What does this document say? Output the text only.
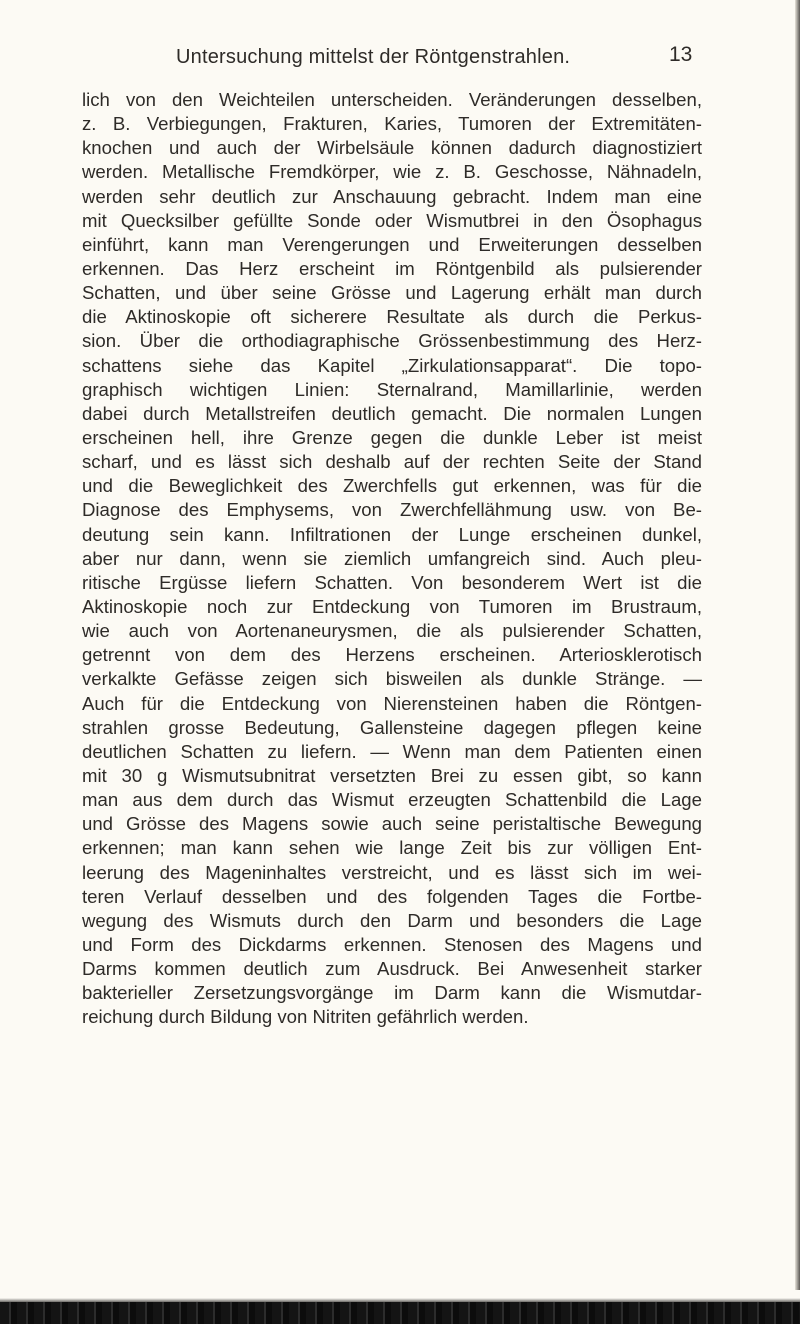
Untersuchung mittelst der Röntgenstrahlen.	13
lich von den Weichteilen unterscheiden. Veränderungen desselben,
z. B. Verbiegungen, Frakturen, Karies, Tumoren der Extremitäten-
knochen und auch der Wirbelsäule können dadurch diagnostiziert
werden. Metallische Fremdkörper, wie z. B. Geschosse, Nähnadeln,
werden sehr deutlich zur Anschauung gebracht. Indem man eine
mit Quecksilber gefüllte Sonde oder Wismutbrei in den Ösophagus
einführt, kann man Verengerungen und Erweiterungen desselben
erkennen. Das Herz erscheint im Röntgenbild als pulsierender
Schatten, und über seine Grösse und Lagerung erhält man durch
die Aktinoskopie oft sicherere Resultate als durch die Perkus-
sion. Über die orthodiagraphische Grössenbestimmung des Herz-
schattens siehe das Kapitel „Zirkulationsapparat“. Die topo-
graphisch wichtigen Linien: Sternalrand, Mamillarlinie, werden
dabei durch Metallstreifen deutlich gemacht. Die normalen Lungen
erscheinen hell, ihre Grenze gegen die dunkle Leber ist meist
scharf, und es lässt sich deshalb auf der rechten Seite der Stand
und die Beweglichkeit des Zwerchfells gut erkennen, was für die
Diagnose des Emphysems, von Zwerchfellähmung usw. von Be-
deutung sein kann. Infiltrationen der Lunge erscheinen dunkel,
aber nur dann, wenn sie ziemlich umfangreich sind. Auch pleu-
ritische Ergüsse liefern Schatten. Von besonderem Wert ist die
Aktinoskopie noch zur Entdeckung von Tumoren im Brustraum,
wie auch von Aortenaneurysmen, die als pulsierender Schatten,
getrennt von dem des Herzens erscheinen. Arteriosklerotisch
verkalkte Gefässe zeigen sich bisweilen als dunkle Stränge. —
Auch für die Entdeckung von Nierensteinen haben die Röntgen-
strahlen grosse Bedeutung, Gallensteine dagegen pflegen keine
deutlichen Schatten zu liefern. — Wenn man dem Patienten einen
mit 30 g Wismutsubnitrat versetzten Brei zu essen gibt, so kann
man aus dem durch das Wismut erzeugten Schattenbild die Lage
und Grösse des Magens sowie auch seine peristaltische Bewegung
erkennen; man kann sehen wie lange Zeit bis zur völligen Ent-
leerung des Mageninhaltes verstreicht, und es lässt sich im wei-
teren Verlauf desselben und des folgenden Tages die Fortbe-
wegung des Wismuts durch den Darm und besonders die Lage
und Form des Dickdarms erkennen. Stenosen des Magens und
Darms kommen deutlich zum Ausdruck. Bei Anwesenheit starker
bakterieller Zersetzungsvorgänge im Darm kann die Wismutdar-
reichung durch Bildung von Nitriten gefährlich werden.
